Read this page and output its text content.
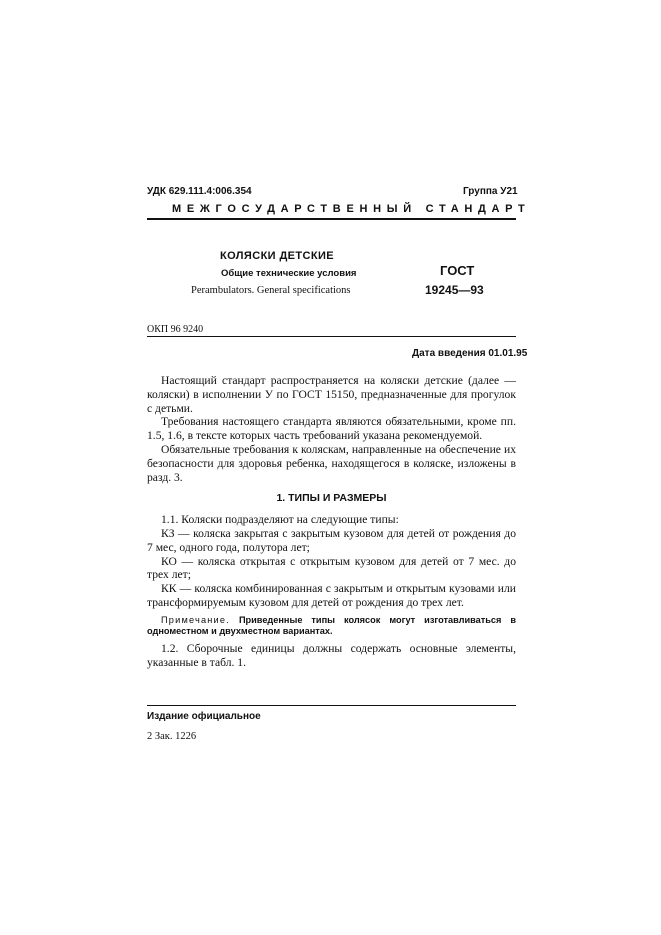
УДК 629.111.4:006.354	Группа У21
МЕЖГОСУДАРСТВЕННЫЙ СТАНДАРТ
КОЛЯСКИ ДЕТСКИЕ
Общие технические условия
Perambulators. General specifications
ГОСТ
19245—93
ОКП 96 9240
Дата введения 01.01.95

Настоящий стандарт распространяется на коляски детские (далее — коляски) в исполнении У по ГОСТ 15150, предназначенные для прогулок с детьми.

Требования настоящего стандарта являются обязательными, кроме пп. 1.5, 1.6, в тексте которых часть требований указана рекомендуемой.

Обязательные требования к коляскам, направленные на обеспечение их безопасности для здоровья ребенка, находящегося в коляске, изложены в разд. 3.

1. ТИПЫ И РАЗМЕРЫ

1.1. Коляски подразделяют на следующие типы:

КЗ — коляска закрытая с закрытым кузовом для детей от рождения до 7 мес, одного года, полутора лет;

КО — коляска открытая с открытым кузовом для детей от 7 мес. до трех лет;

КК — коляска комбинированная с закрытым и открытым кузовами или трансформируемым кузовом для детей от рождения до трех лет.

Примечание. Приведенные типы колясок могут изготавливаться в одноместном и двухместном вариантах.

1.2. Сборочные единицы должны содержать основные элементы, указанные в табл. 1.

Издание официальное
2 Зак. 1226
